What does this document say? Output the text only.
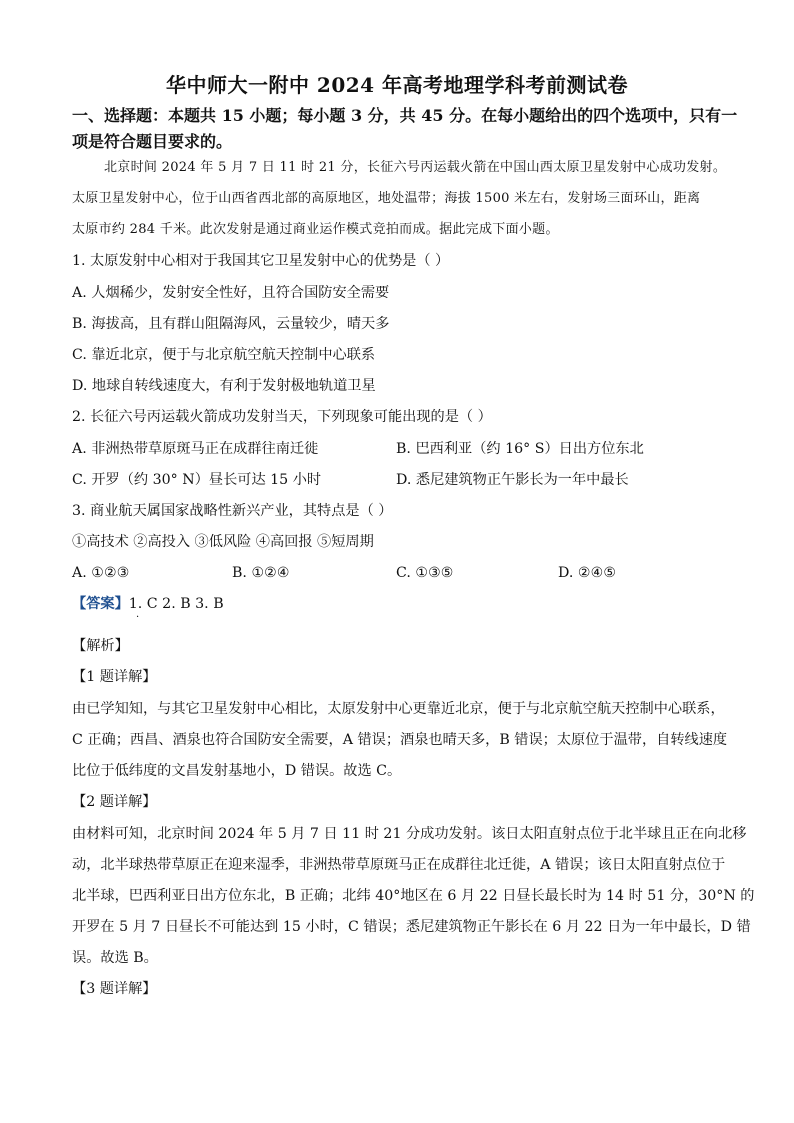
华中师大一附中 2024 年高考地理学科考前测试卷
一、选择题：本题共 15 小题；每小题 3 分，共 45 分。在每小题给出的四个选项中，只有一
项是符合题目要求的。
北京时间 2024 年 5 月 7 日 11 时 21 分，长征六号丙运载火箭在中国山西太原卫星发射中心成功发射。
太原卫星发射中心，位于山西省西北部的高原地区，地处温带；海拔 1500 米左右，发射场三面环山，距离
太原市约 284 千米。此次发射是通过商业运作模式竞拍而成。据此完成下面小题。
1. 太原发射中心相对于我国其它卫星发射中心的优势是（ ）
A. 人烟稀少，发射安全性好，且符合国防安全需要
B. 海拔高，且有群山阻隔海风，云量较少，晴天多
C. 靠近北京，便于与北京航空航天控制中心联系
D. 地球自转线速度大，有利于发射极地轨道卫星
2. 长征六号丙运载火箭成功发射当天，下列现象可能出现的是（ ）
A. 非洲热带草原斑马正在成群往南迁徙	B. 巴西利亚（约 16° S）日出方位东北
C. 开罗（约 30° N）昼长可达 15 小时	D. 悉尼建筑物正午影长为一年中最长
3. 商业航天属国家战略性新兴产业，其特点是（ ）
①高技术 ②高投入 ③低风险 ④高回报 ⑤短周期
A. ①②③	B. ①②④	C. ①③⑤	D. ②④⑤
【答案】1. C 2. B 3. B
·
【解析】
【1 题详解】
由已学知知，与其它卫星发射中心相比，太原发射中心更靠近北京，便于与北京航空航天控制中心联系，
C 正确；西昌、酒泉也符合国防安全需要，A 错误；酒泉也晴天多，B 错误；太原位于温带，自转线速度
比位于低纬度的文昌发射基地小，D 错误。故选 C。
【2 题详解】
由材料可知，北京时间 2024 年 5 月 7 日 11 时 21 分成功发射。该日太阳直射点位于北半球且正在向北移
动，北半球热带草原正在迎来湿季，非洲热带草原斑马正在成群往北迁徙，A 错误；该日太阳直射点位于
北半球，巴西利亚日出方位东北，B 正确；北纬 40°地区在 6 月 22 日昼长最长时为 14 时 51 分，30°N 的
开罗在 5 月 7 日昼长不可能达到 15 小时，C 错误；悉尼建筑物正午影长在 6 月 22 日为一年中最长，D 错
误。故选 B。
【3 题详解】
